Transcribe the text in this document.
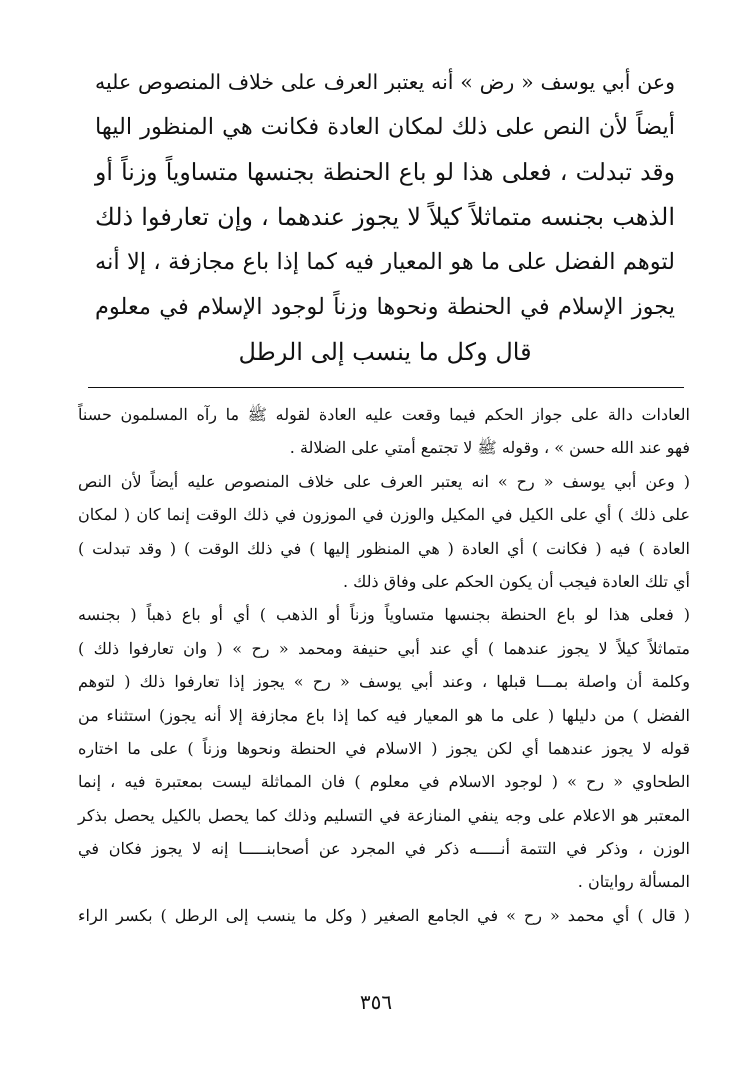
وعن أبي يوسف « رض » أنه يعتبر العرف على خلاف المنصوص عليه
أيضاً لأن النص على ذلك لمكان العادة فكانت هي المنظور اليها
وقد تبدلت ، فعلى هذا لو باع الحنطة بجنسها متساوياً وزناً أو
الذهب بجنسه متماثلاً كيلاً لا يجوز عندهما ، وإن تعارفوا ذلك
لتوهم الفضل على ما هو المعيار فيه كما إذا باع مجازفة ، إلا أنه
يجوز الإسلام في الحنطة ونحوها وزناً لوجود الإسلام في معلوم
قال وكل ما ينسب إلى الرطل
العادات دالة على جواز الحكم فيما وقعت عليه العادة لقوله ﷺ ما رآه المسلمون حسناً
فهو عند الله حسن » ، وقوله ﷺ لا تجتمع أمتي على الضلالة .
( وعن أبي يوسف « رح » انه يعتبر العرف على خلاف المنصوص عليه أيضاً لأن النص
على ذلك ) أي على الكيل في المكيل والوزن في الموزون في ذلك الوقت إنما كان ( لمكان
العادة ) فيه ( فكانت ) أي العادة ( هي المنظور إليها ) في ذلك الوقت ) ( وقد تبدلت )
أي تلك العادة فيجب أن يكون الحكم على وفاق ذلك .
( فعلى هذا لو باع الحنطة بجنسها متساوياً وزناً أو الذهب ) أي أو باع ذهباً ( بجنسه
متماثلاً كيلاً لا يجوز عندهما ) أي عند أبي حنيفة ومحمد « رح » ( وان تعارفوا ذلك )
وكلمة أن واصلة بمـــا قبلها ، وعند أبي يوسف « رح » يجوز إذا تعارفوا ذلك ( لتوهم
الفضل ) من دليلها ( على ما هو المعيار فيه كما إذا باع مجازفة إلا أنه يجوز) استثناء من
قوله لا يجوز عندهما أي لكن يجوز ( الاسلام في الحنطة ونحوها وزناً ) على ما اختاره
الطحاوي « رح » ( لوجود الاسلام في معلوم ) فان المماثلة ليست بمعتبرة فيه ، إنما
المعتبر هو الاعلام على وجه ينفي المنازعة في التسليم وذلك كما يحصل بالكيل يحصل بذكر
الوزن ، وذكر في التتمة أنـــــه ذكر في المجرد عن أصحابنـــــا إنه لا يجوز فكان في
المسألة روايتان .
( قال ) أي محمد « رح » في الجامع الصغير ( وكل ما ينسب إلى الرطل ) بكسر الراء
٣٥٦
